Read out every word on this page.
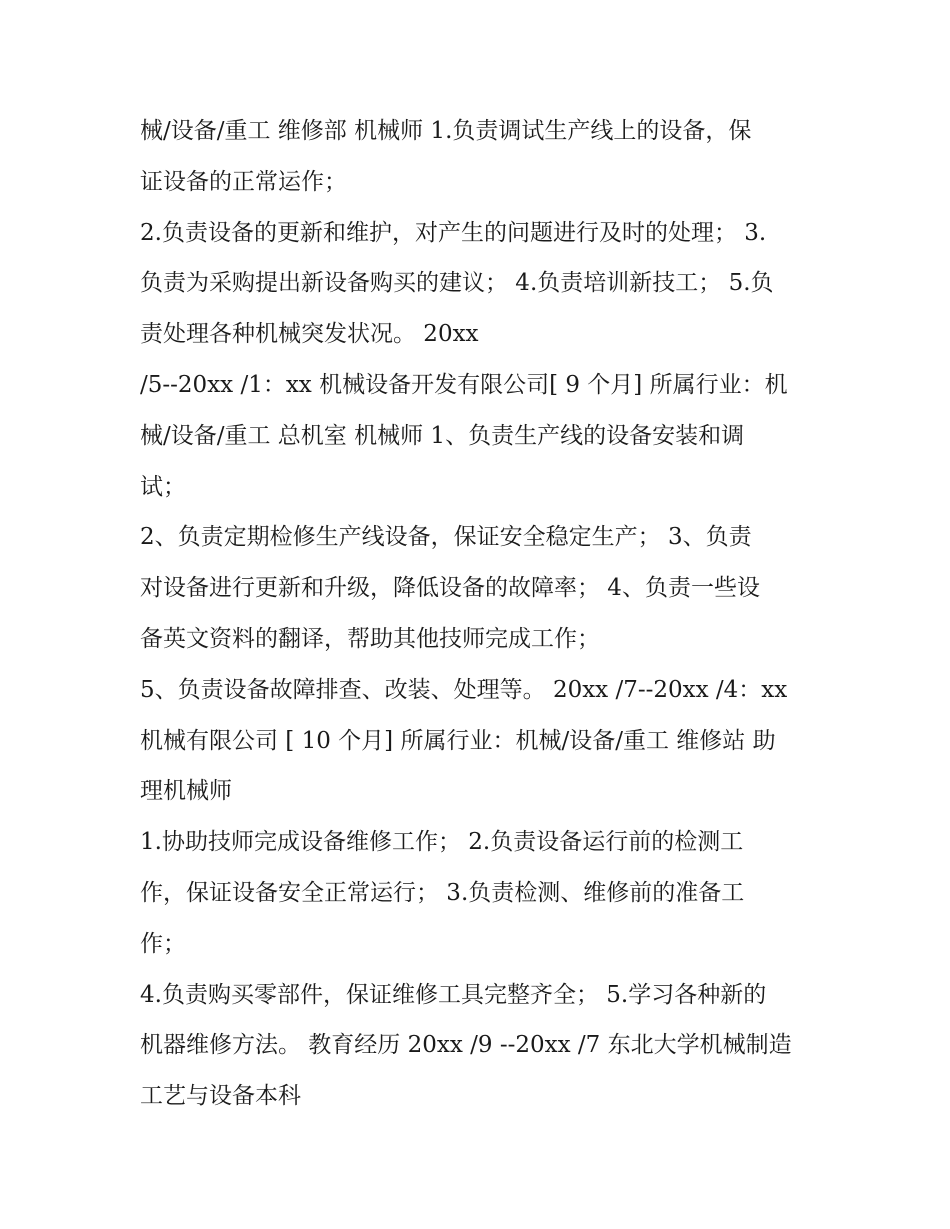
械/设备/重工 维修部 机械师 1.负责调试生产线上的设备，保
证设备的正常运作；
2.负责设备的更新和维护，对产生的问题进行及时的处理； 3.
负责为采购提出新设备购买的建议； 4.负责培训新技工； 5.负
责处理各种机械突发状况。 20xx
/5--20xx /1：xx 机械设备开发有限公司[ 9 个月] 所属行业：机
械/设备/重工 总机室 机械师 1、负责生产线的设备安装和调
试；
2、负责定期检修生产线设备，保证安全稳定生产； 3、负责
对设备进行更新和升级，降低设备的故障率； 4、负责一些设
备英文资料的翻译，帮助其他技师完成工作；
5、负责设备故障排查、改装、处理等。 20xx /7--20xx /4：xx
机械有限公司 [ 10 个月] 所属行业：机械/设备/重工 维修站 助
理机械师
1.协助技师完成设备维修工作； 2.负责设备运行前的检测工
作，保证设备安全正常运行； 3.负责检测、维修前的准备工
作；
4.负责购买零部件，保证维修工具完整齐全； 5.学习各种新的
机器维修方法。 教育经历 20xx /9 --20xx /7 东北大学机械制造
工艺与设备本科
